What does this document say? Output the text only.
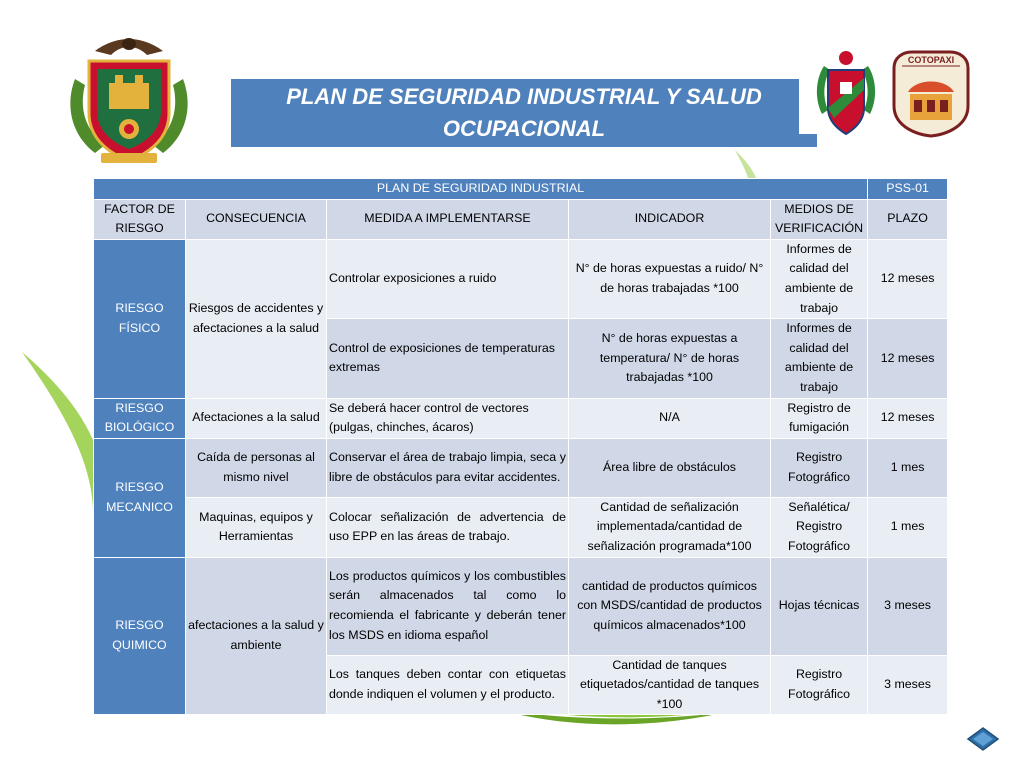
PLAN DE SEGURIDAD INDUSTRIAL Y SALUD
OCUPACIONAL
COTOPAXI
PLAN DE SEGURIDAD INDUSTRIAL					PSS-01
FACTOR DE RIESGO	CONSECUENCIA	MEDIDA A IMPLEMENTARSE	INDICADOR	MEDIOS DE VERIFICACIÓN	PLAZO
RIESGO FÍSICO	Riesgos de accidentes y afectaciones a la salud	Controlar exposiciones a ruido	N° de horas expuestas a ruido/ N° de horas trabajadas *100	Informes de calidad del ambiente de trabajo	12 meses
		Control de exposiciones de temperaturas extremas	N° de horas expuestas a temperatura/ N° de horas trabajadas *100	Informes de calidad del ambiente de trabajo	12 meses
RIESGO BIOLÓGICO	Afectaciones a la salud	Se deberá hacer control de vectores (pulgas, chinches, ácaros)	N/A	Registro de fumigación	12 meses
RIESGO MECANICO	Caída de personas al mismo nivel	Conservar el área de trabajo limpia, seca y libre de obstáculos para evitar accidentes.	Área libre de obstáculos	Registro Fotográfico	1 mes
	Maquinas, equipos y Herramientas	Colocar señalización de advertencia de uso EPP en las áreas de trabajo.	Cantidad de señalización implementada/cantidad de señalización programada*100	Señalética/ Registro Fotográfico	1 mes
RIESGO QUIMICO	afectaciones a la salud y ambiente	Los productos químicos y los combustibles serán almacenados tal como lo recomienda el fabricante y deberán tener los MSDS en idioma español	cantidad de productos químicos con MSDS/cantidad de productos químicos almacenados*100	Hojas técnicas	3 meses
		Los tanques deben contar con etiquetas donde indiquen el volumen y el producto.	Cantidad de tanques etiquetados/cantidad de tanques *100	Registro Fotográfico	3 meses
